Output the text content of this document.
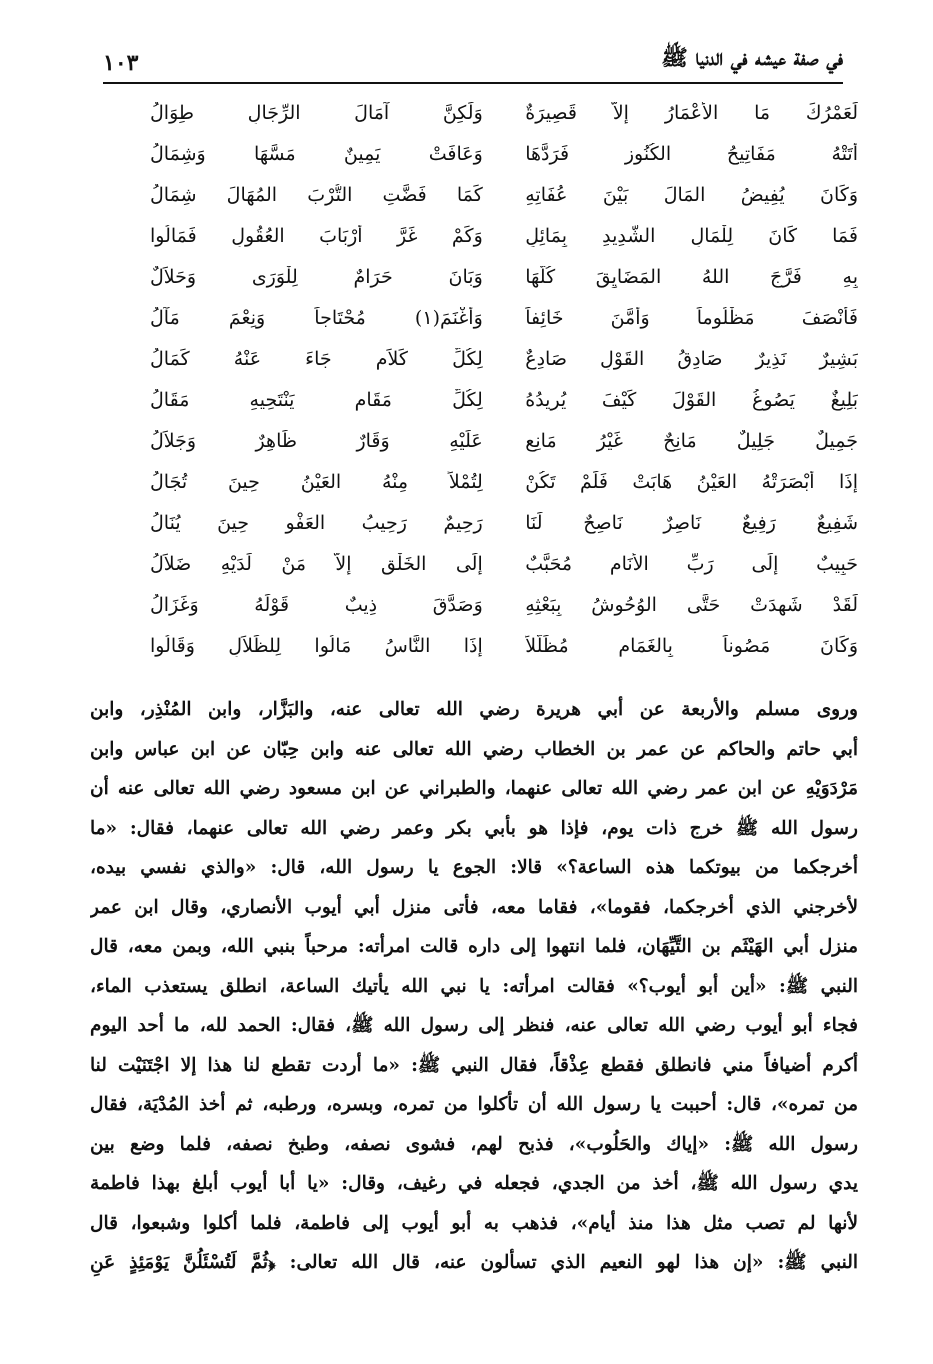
في صفة عيشه في الدنيا ﷺ
١٠٣
لَعَمْرُكَ مَا الأعْمَارُ إلاَّ قَصِيرَةٌ
وَلَكِنَّ آمَالَ الرِّجَالِ طِوَالُ
أَتَتْهُ مَفَاتِيحُ الكُنُوزِ فَرَدَّهَا
وَعَافَتْ يَمِينٌ مَسَّهَا وَشِمَالُ
وَكَانَ يُفِيضُ المَالَ بَيْنَ عُفَاتِهِ
كَمَا فَضَّتِ التُّرْبَ المُهَالَ شِمَالُ
فَمَا كَانَ لِلْمَالِ الشَّدِيدِ بِمَائِلٍ
وَكَمْ غَرَّ أَرْبَابَ العُقُولِ فَمَالُوا
بِهِ فَرَّجَ اللهُ المَضَايِقَ كُلَّهَا
وَبَانَ حَرَامٌ لِلْوَرَى وَحَلاَلٌ
فَأَنْصَفَ مَظْلُوماً وَأَمَّنَ خَائِفاً
وَأَغْنَمَ(١) مُحْتَاجاً وَنِعْمَ مَآلُ
بَشِيرٌ نَذِيرٌ صَادِقُ القَوْلِ صَادِعٌ
لِكُلِّ كَلاَمٍ جَاءَ عَنْهُ كَمَالُ
بَلِيغٌ يَصُوغُ القَوْلَ كَيْفَ يُرِيدُهُ
لِكُلِّ مَقَامٍ يَنْتَحِيهِ مَقَالُ
جَمِيلٌ جَلِيلٌ مَانِحٌ غَيْرُ مَانِعٍ
عَلَيْهِ وَقَارٌ ظَاهِرٌ وَجَلاَلُ
إذَا أَبْصَرَتْهُ العَيْنُ هَابَتْ فَلَمْ تَكُنْ
لِتُمْلاً مِنْهُ العَيْنُ حِينَ تُجَالُ
شَفِيعٌ رَفِيعٌ نَاصِرٌ نَاصِحٌ لَنَا
رَحِيمٌ رَحِيبُ العَفْوِ حِينَ يُنَالُ
حَبِيبٌ إِلَى رَبِّ الأَنَامِ مُحَبَّبٌ
إِلَى الخَلْقِ إِلاَّ مَنْ لَدَيْهِ ضَلاَلُ
لَقَدْ شَهِدَتْ حَتَّى الوُحُوشُ بِبَعْثِهِ
وَصَدَّقَ ذِيبٌ قَوْلَهُ وَغَزَالُ
وَكَانَ مَصُوناً بِالغَمَامِ مُظَلَّلاً
إذَا النَّاسُ مَالُوا لِلظِّلاَلِ وَقَالُوا
وروى مسلم والأربعة عن أبي هريرة رضي الله تعالى عنه، والبَزَّار، وابن المُنْذِر، وابن
أبي حاتم والحاكم عن عمر بن الخطاب رضي الله تعالى عنه وابن حِبّان عن ابن عباس وابن
مَرْدَوَيْهِ عن ابن عمر رضي الله تعالى عنهما، والطبراني عن ابن مسعود رضي الله تعالى عنه أن
رسول الله ﷺ خرج ذات يوم، فإذا هو بأبي بكر وعمر رضي الله تعالى عنهما، فقال: «ما
أخرجكما من بيوتكما هذه الساعة؟» قالا: الجوع يا رسول الله، قال: «والذي نفسي بيده،
لأخرجني الذي أخرجكما، فقوما»، فقاما معه، فأتى منزل أبي أيوب الأنصاري، وقال ابن عمر
منزل أبي الهَيْثَم بن التَّيِّهَان، فلما انتهوا إلى داره قالت امرأته: مرحباً بنبي الله، وبمن معه، قال
النبي ﷺ: «أين أبو أيوب؟» فقالت امرأته: يا نبي الله يأتيك الساعة، انطلق يستعذب الماء،
فجاء أبو أيوب رضي الله تعالى عنه، فنظر إلى رسول الله ﷺ، فقال: الحمد لله، ما أحد اليوم
أكرم أضيافاً مني فانطلق فقطع عِذْقاً، فقال النبي ﷺ: «ما أردت تقطع لنا هذا إلا اجْتَنَيْت لنا
من تمره»، قال: أحببت يا رسول الله أن تأكلوا من تمره، وبسره، ورطبه، ثم أخذ المُدْيَة، فقال
رسول الله ﷺ: «إياك والحَلُوب»، فذبح لهم، فشوى نصفه، وطبخ نصفه، فلما وضع بين
يدي رسول الله ﷺ، أخذ من الجدي، فجعله في رغيف، وقال: «يا أبا أيوب أبلغ بهذا فاطمة
لأنها لم تصب مثل هذا منذ أيام»، فذهب به أبو أيوب إلى فاطمة، فلما أكلوا وشبعوا، قال
النبي ﷺ: «إن هذا لهو النعيم الذي تسألون عنه، قال الله تعالى: ﴿ثُمَّ لَتُسْئَلُنَّ يَوْمَئِذٍ عَنِ
